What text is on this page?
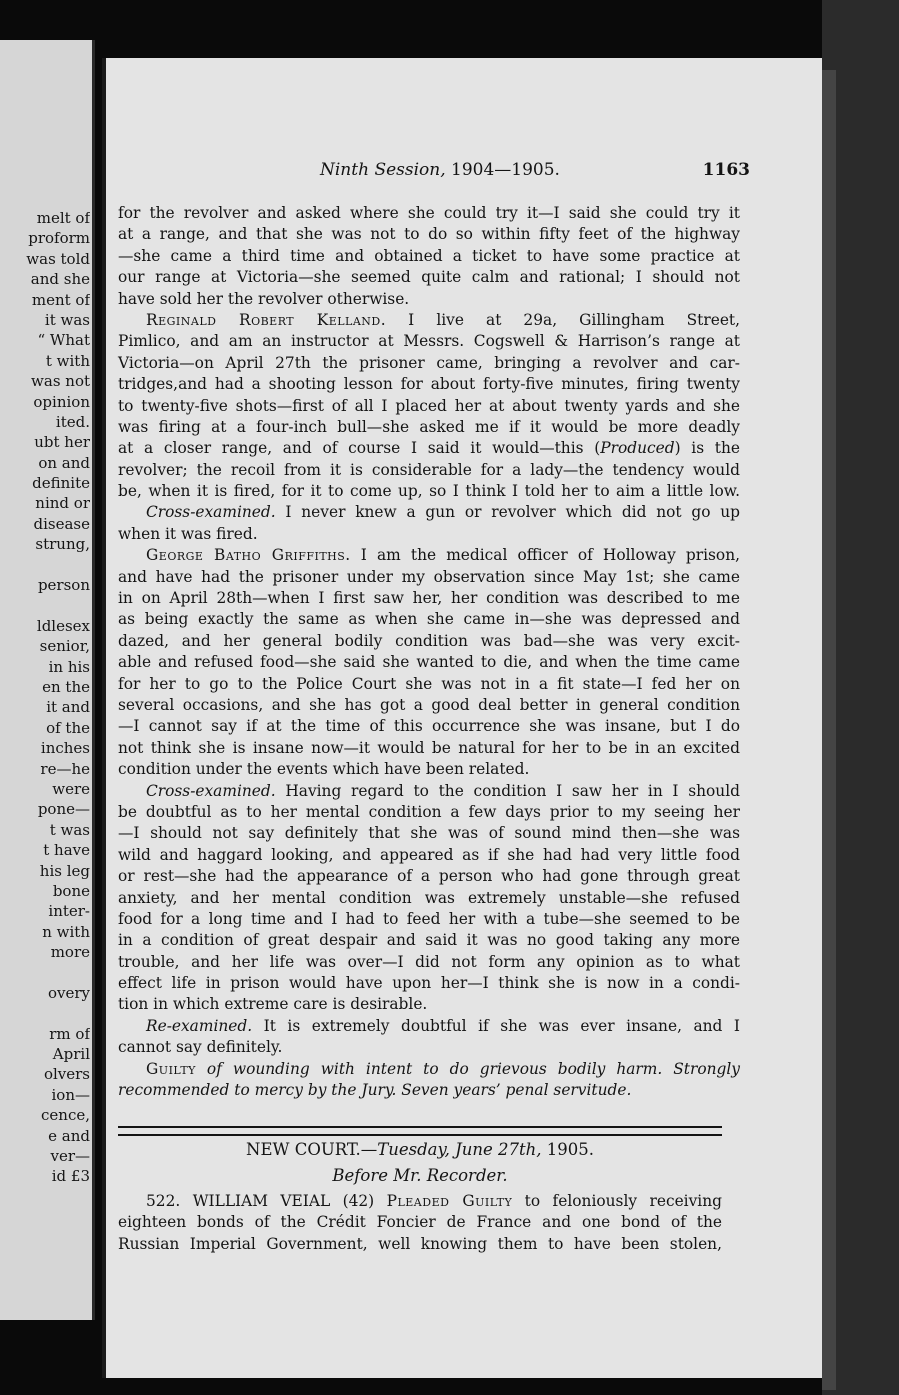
melt of
proform
was told
and she
ment of
it was
“ What
t with
was not
opinion
ited.
ubt her
on and
definite
nind or
disease
strung,
person
ldlesex
senior,
in his
en the
it and
of the
inches
re—he
were
pone—
t was
t have
his leg
bone
inter-
n with
more
overy
rm of
April
olvers
ion—
cence,
e and
ver—
id £3
Ninth Session, 1904—1905.	1163
for the revolver and asked where she could try it—I said she could try it
at a range, and that she was not to do so within fifty feet of the highway
—she came a third time and obtained a ticket to have some practice at
our range at Victoria—she seemed quite calm and rational; I should not
have sold her the revolver otherwise.
Reginald Robert Kelland. I live at 29a, Gillingham Street,
Pimlico, and am an instructor at Messrs. Cogswell & Harrison’s range at
Victoria—on April 27th the prisoner came, bringing a revolver and car-
tridges,and had a shooting lesson for about forty-five minutes, firing twenty
to twenty-five shots—first of all I placed her at about twenty yards and she
was firing at a four-inch bull—she asked me if it would be more deadly
at a closer range, and of course I said it would—this (Produced) is the
revolver; the recoil from it is considerable for a lady—the tendency would
be, when it is fired, for it to come up, so I think I told her to aim a little low.
Cross-examined. I never knew a gun or revolver which did not go up
when it was fired.
George Batho Griffiths. I am the medical officer of Holloway prison,
and have had the prisoner under my observation since May 1st; she came
in on April 28th—when I first saw her, her condition was described to me
as being exactly the same as when she came in—she was depressed and
dazed, and her general bodily condition was bad—she was very excit-
able and refused food—she said she wanted to die, and when the time came
for her to go to the Police Court she was not in a fit state—I fed her on
several occasions, and she has got a good deal better in general condition
—I cannot say if at the time of this occurrence she was insane, but I do
not think she is insane now—it would be natural for her to be in an excited
condition under the events which have been related.
Cross-examined. Having regard to the condition I saw her in I should
be doubtful as to her mental condition a few days prior to my seeing her
—I should not say definitely that she was of sound mind then—she was
wild and haggard looking, and appeared as if she had had very little food
or rest—she had the appearance of a person who had gone through great
anxiety, and her mental condition was extremely unstable—she refused
food for a long time and I had to feed her with a tube—she seemed to be
in a condition of great despair and said it was no good taking any more
trouble, and her life was over—I did not form any opinion as to what
effect life in prison would have upon her—I think she is now in a condi-
tion in which extreme care is desirable.
Re-examined. It is extremely doubtful if she was ever insane, and I
cannot say definitely.
Guilty of wounding with intent to do grievous bodily harm. Strongly
recommended to mercy by the Jury. Seven years’ penal servitude.
NEW COURT.—Tuesday, June 27th, 1905.
Before Mr. Recorder.
522. WILLIAM VEIAL (42) Pleaded Guilty to feloniously receiving
eighteen bonds of the Crédit Foncier de France and one bond of the
Russian Imperial Government, well knowing them to have been stolen,
